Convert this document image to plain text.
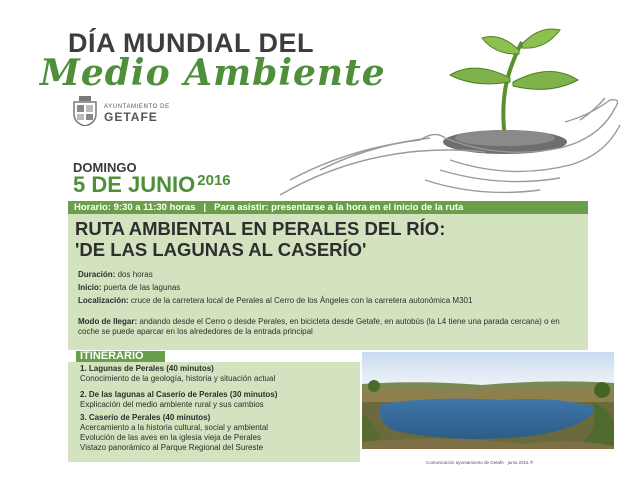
DÍA MUNDIAL DEL
Medio Ambiente
AYUNTAMIENTO DE
GETAFE
DOMINGO
5 DE JUNIO $^{2016}$
Horario: 9:30 a 11:30 horas | Para asistir: presentarse a la hora en el inicio de la ruta
RUTA AMBIENTAL EN PERALES DEL RÍO:
'DE LAS LAGUNAS AL CASERÍO'
Duración: dos horas
Inicio: puerta de las lagunas
Localización: cruce de la carretera local de Perales al Cerro de los Ángeles con la carretera autonómica M301
Modo de llegar: andando desde el Cerro o desde Perales, en bicicleta desde Getafe, en autobús (la L4 tiene una parada cercana) o en coche se puede aparcar en los alrededores de la entrada principal
ITINERARIO
1. Lagunas de Perales (40 minutos)
Conocimiento de la geología, historia y situación actual
2. De las lagunas al Caserío de Perales (30 minutos)
Explicación del medio ambiente rural y sus cambios
3. Caserío de Perales (40 minutos)
Acercamiento a la historia cultural, social y ambiental
Evolución de las aves en la iglesia vieja de Perales
Vistazo panorámico al Parque Regional del Sureste
Comunicación ayuntamiento de Getafe · junio 2016 ®
